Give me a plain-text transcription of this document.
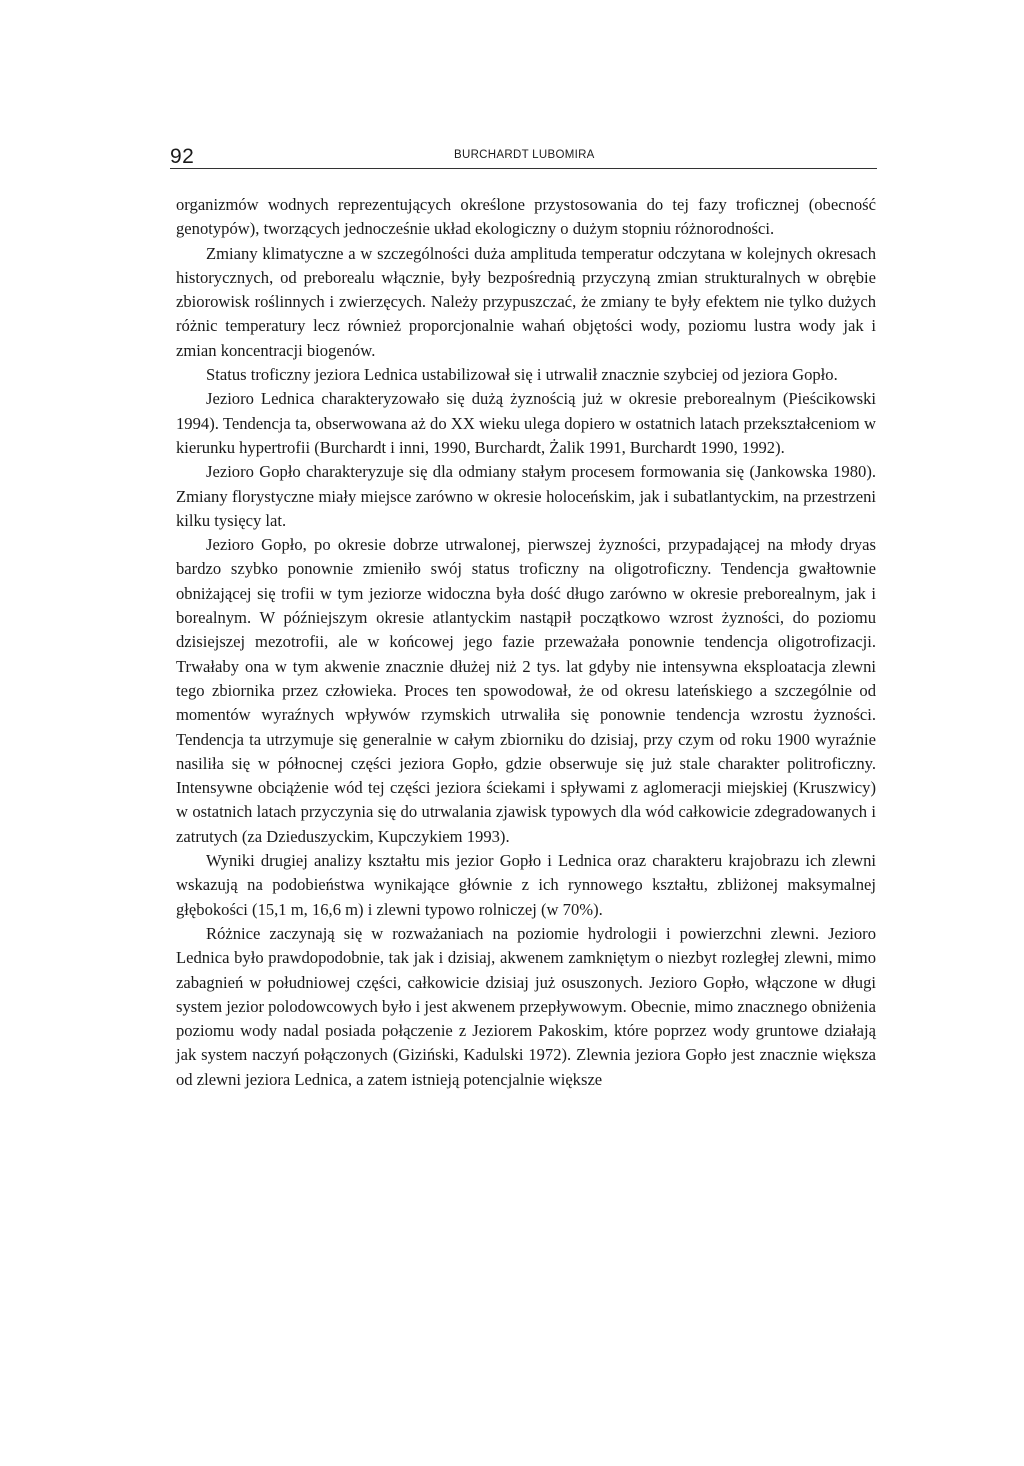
92	BURCHARDT LUBOMIRA

organizmów wodnych reprezentujących określone przystosowania do tej fazy troficznej (obecność genotypów), tworzących jednocześnie układ ekologiczny o dużym stopniu różnorodności.

Zmiany klimatyczne a w szczególności duża amplituda temperatur odczytana w kolejnych okresach historycznych, od preborealu włącznie, były bezpośrednią przyczyną zmian strukturalnych w obrębie zbiorowisk roślinnych i zwierzęcych. Należy przypuszczać, że zmiany te były efektem nie tylko dużych różnic temperatury lecz również proporcjonalnie wahań objętości wody, poziomu lustra wody jak i zmian koncentracji biogenów.

Status troficzny jeziora Lednica ustabilizował się i utrwalił znacznie szybciej od jeziora Gopło.

Jezioro Lednica charakteryzowało się dużą żyznością już w okresie preborealnym (Pieścikowski 1994). Tendencja ta, obserwowana aż do XX wieku ulega dopiero w ostatnich latach przekształceniom w kierunku hypertrofii (Burchardt i inni, 1990, Burchardt, Żalik 1991, Burchardt 1990, 1992).

Jezioro Gopło charakteryzuje się dla odmiany stałym procesem formowania się (Jankowska 1980). Zmiany florystyczne miały miejsce zarówno w okresie holoceńskim, jak i subatlantyckim, na przestrzeni kilku tysięcy lat.

Jezioro Gopło, po okresie dobrze utrwalonej, pierwszej żyzności, przypadającej na młody dryas bardzo szybko ponownie zmieniło swój status troficzny na oligotroficzny. Tendencja gwałtownie obniżającej się trofii w tym jeziorze widoczna była dość długo zarówno w okresie preborealnym, jak i borealnym. W późniejszym okresie atlantyckim nastąpił początkowo wzrost żyzności, do poziomu dzisiejszej mezotrofii, ale w końcowej jego fazie przeważała ponownie tendencja oligotrofizacji. Trwałaby ona w tym akwenie znacznie dłużej niż 2 tys. lat gdyby nie intensywna eksploatacja zlewni tego zbiornika przez człowieka. Proces ten spowodował, że od okresu lateńskiego a szczególnie od momentów wyraźnych wpływów rzymskich utrwaliła się ponownie tendencja wzrostu żyzności. Tendencja ta utrzymuje się generalnie w całym zbiorniku do dzisiaj, przy czym od roku 1900 wyraźnie nasiliła się w północnej części jeziora Gopło, gdzie obserwuje się już stale charakter politroficzny. Intensywne obciążenie wód tej części jeziora ściekami i spływami z aglomeracji miejskiej (Kruszwicy) w ostatnich latach przyczynia się do utrwalania zjawisk typowych dla wód całkowicie zdegradowanych i zatrutych (za Dzieduszyckim, Kupczykiem 1993).

Wyniki drugiej analizy kształtu mis jezior Gopło i Lednica oraz charakteru krajobrazu ich zlewni wskazują na podobieństwa wynikające głównie z ich rynnowego kształtu, zbliżonej maksymalnej głębokości (15,1 m, 16,6 m) i zlewni typowo rolniczej (w 70%).

Różnice zaczynają się w rozważaniach na poziomie hydrologii i powierzchni zlewni. Jezioro Lednica było prawdopodobnie, tak jak i dzisiaj, akwenem zamkniętym o niezbyt rozległej zlewni, mimo zabagnień w południowej części, całkowicie dzisiaj już osuszonych. Jezioro Gopło, włączone w długi system jezior polodowcowych było i jest akwenem przepływowym. Obecnie, mimo znacznego obniżenia poziomu wody nadal posiada połączenie z Jeziorem Pakoskim, które poprzez wody gruntowe działają jak system naczyń połączonych (Giziński, Kadulski 1972). Zlewnia jeziora Gopło jest znacznie większa od zlewni jeziora Lednica, a zatem istnieją potencjalnie większe
